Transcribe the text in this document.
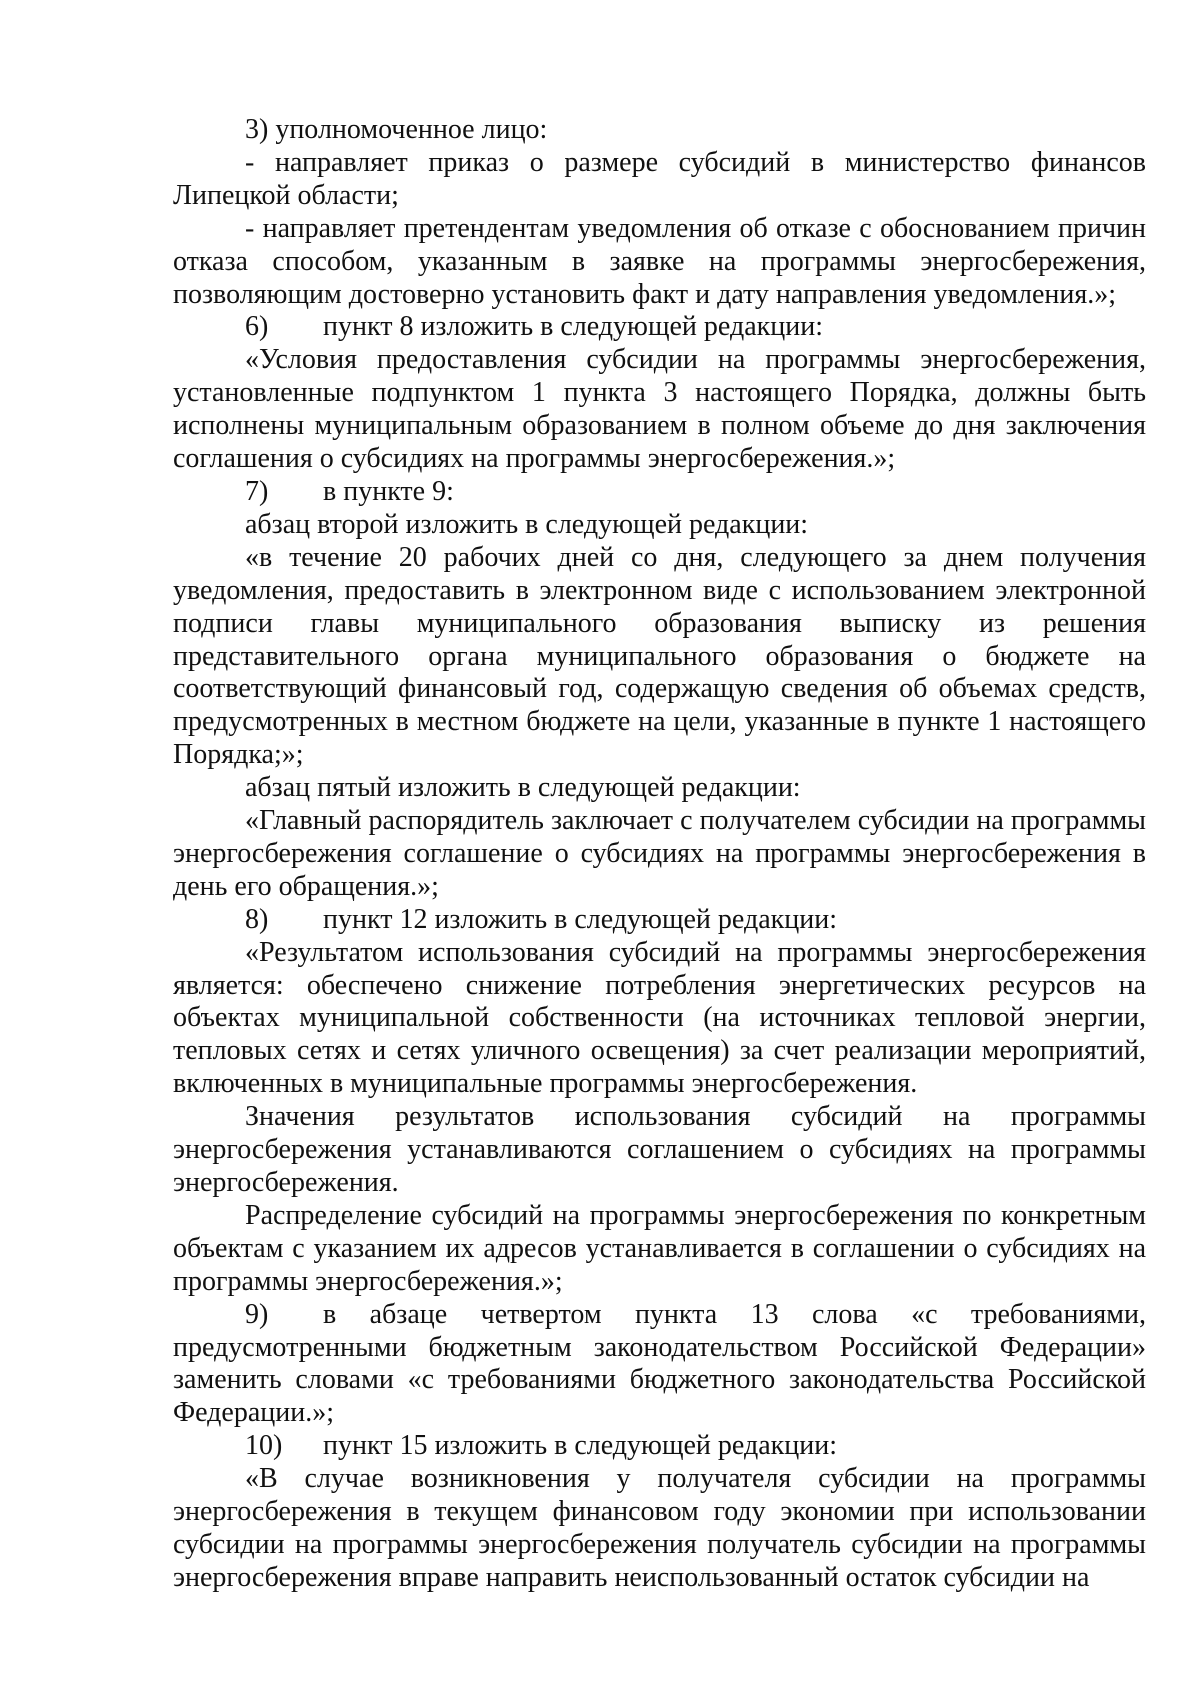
3) уполномоченное лицо:

- направляет приказ о размере субсидий в министерство финансов Липецкой области;

- направляет претендентам уведомления об отказе с обоснованием причин отказа способом, указанным в заявке на программы энергосбережения, позволяющим достоверно установить факт и дату направления уведомления.»;

6) пункт 8 изложить в следующей редакции:

«Условия предоставления субсидии на программы энергосбережения, установленные подпунктом 1 пункта 3 настоящего Порядка, должны быть исполнены муниципальным образованием в полном объеме до дня заключения соглашения о субсидиях на программы энергосбережения.»;

7) в пункте 9:

абзац второй изложить в следующей редакции:

«в течение 20 рабочих дней со дня, следующего за днем получения уведомления, предоставить в электронном виде с использованием электронной подписи главы муниципального образования выписку из решения представительного органа муниципального образования о бюджете на соответствующий финансовый год, содержащую сведения об объемах средств, предусмотренных в местном бюджете на цели, указанные в пункте 1 настоящего Порядка;»;

абзац пятый изложить в следующей редакции:

«Главный распорядитель заключает с получателем субсидии на программы энергосбережения соглашение о субсидиях на программы энергосбережения в день его обращения.»;

8) пункт 12 изложить в следующей редакции:

«Результатом использования субсидий на программы энергосбережения является: обеспечено снижение потребления энергетических ресурсов на объектах муниципальной собственности (на источниках тепловой энергии, тепловых сетях и сетях уличного освещения) за счет реализации мероприятий, включенных в муниципальные программы энергосбережения.

Значения результатов использования субсидий на программы энергосбережения устанавливаются соглашением о субсидиях на программы энергосбережения.

Распределение субсидий на программы энергосбережения по конкретным объектам с указанием их адресов устанавливается в соглашении о субсидиях на программы энергосбережения.»;

9) в абзаце четвертом пункта 13 слова «с требованиями, предусмотренными бюджетным законодательством Российской Федерации» заменить словами «с требованиями бюджетного законодательства Российской Федерации.»;

10) пункт 15 изложить в следующей редакции:

«В случае возникновения у получателя субсидии на программы энергосбережения в текущем финансовом году экономии при использовании субсидии на программы энергосбережения получатель субсидии на программы энергосбережения вправе направить неиспользованный остаток субсидии на
